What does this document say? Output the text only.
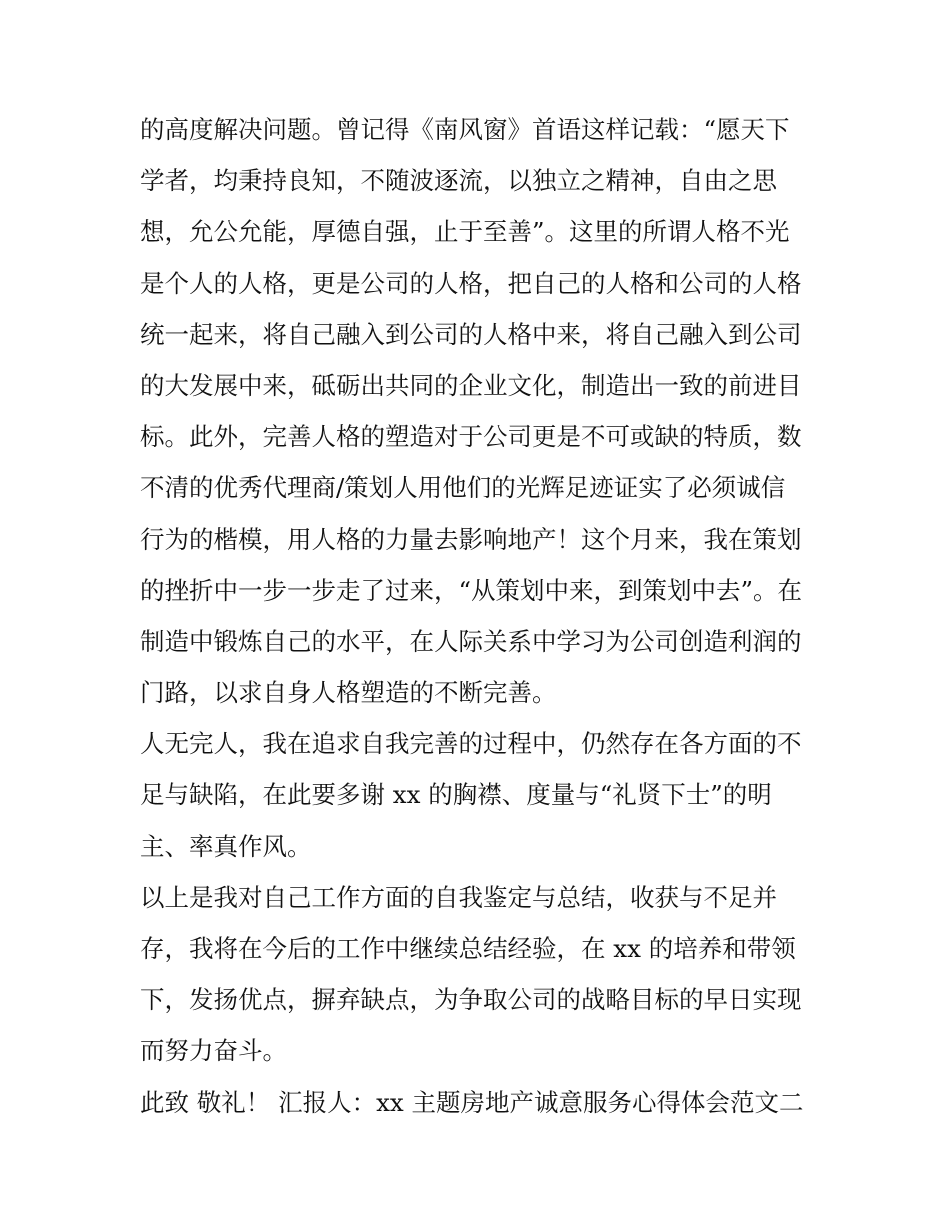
的高度解决问题。曾记得《南风窗》首语这样记载：“愿天下
学者，均秉持良知，不随波逐流，以独立之精神，自由之思
想，允公允能，厚德自强，止于至善”。这里的所谓人格不光
是个人的人格，更是公司的人格，把自己的人格和公司的人格
统一起来，将自己融入到公司的人格中来，将自己融入到公司
的大发展中来，砥砺出共同的企业文化，制造出一致的前进目
标。此外，完善人格的塑造对于公司更是不可或缺的特质，数
不清的优秀代理商/策划人用他们的光辉足迹证实了必须诚信
行为的楷模，用人格的力量去影响地产！这个月来，我在策划
的挫折中一步一步走了过来，“从策划中来，到策划中去”。在
制造中锻炼自己的水平，在人际关系中学习为公司创造利润的
门路，以求自身人格塑造的不断完善。
人无完人，我在追求自我完善的过程中，仍然存在各方面的不
足与缺陷，在此要多谢 xx 的胸襟、度量与“礼贤下士”的明
主、率真作风。
以上是我对自己工作方面的自我鉴定与总结，收获与不足并
存，我将在今后的工作中继续总结经验，在 xx 的培养和带领
下，发扬优点，摒弃缺点，为争取公司的战略目标的早日实现
而努力奋斗。
此致 敬礼！ 汇报人：xx 主题房地产诚意服务心得体会范文二
